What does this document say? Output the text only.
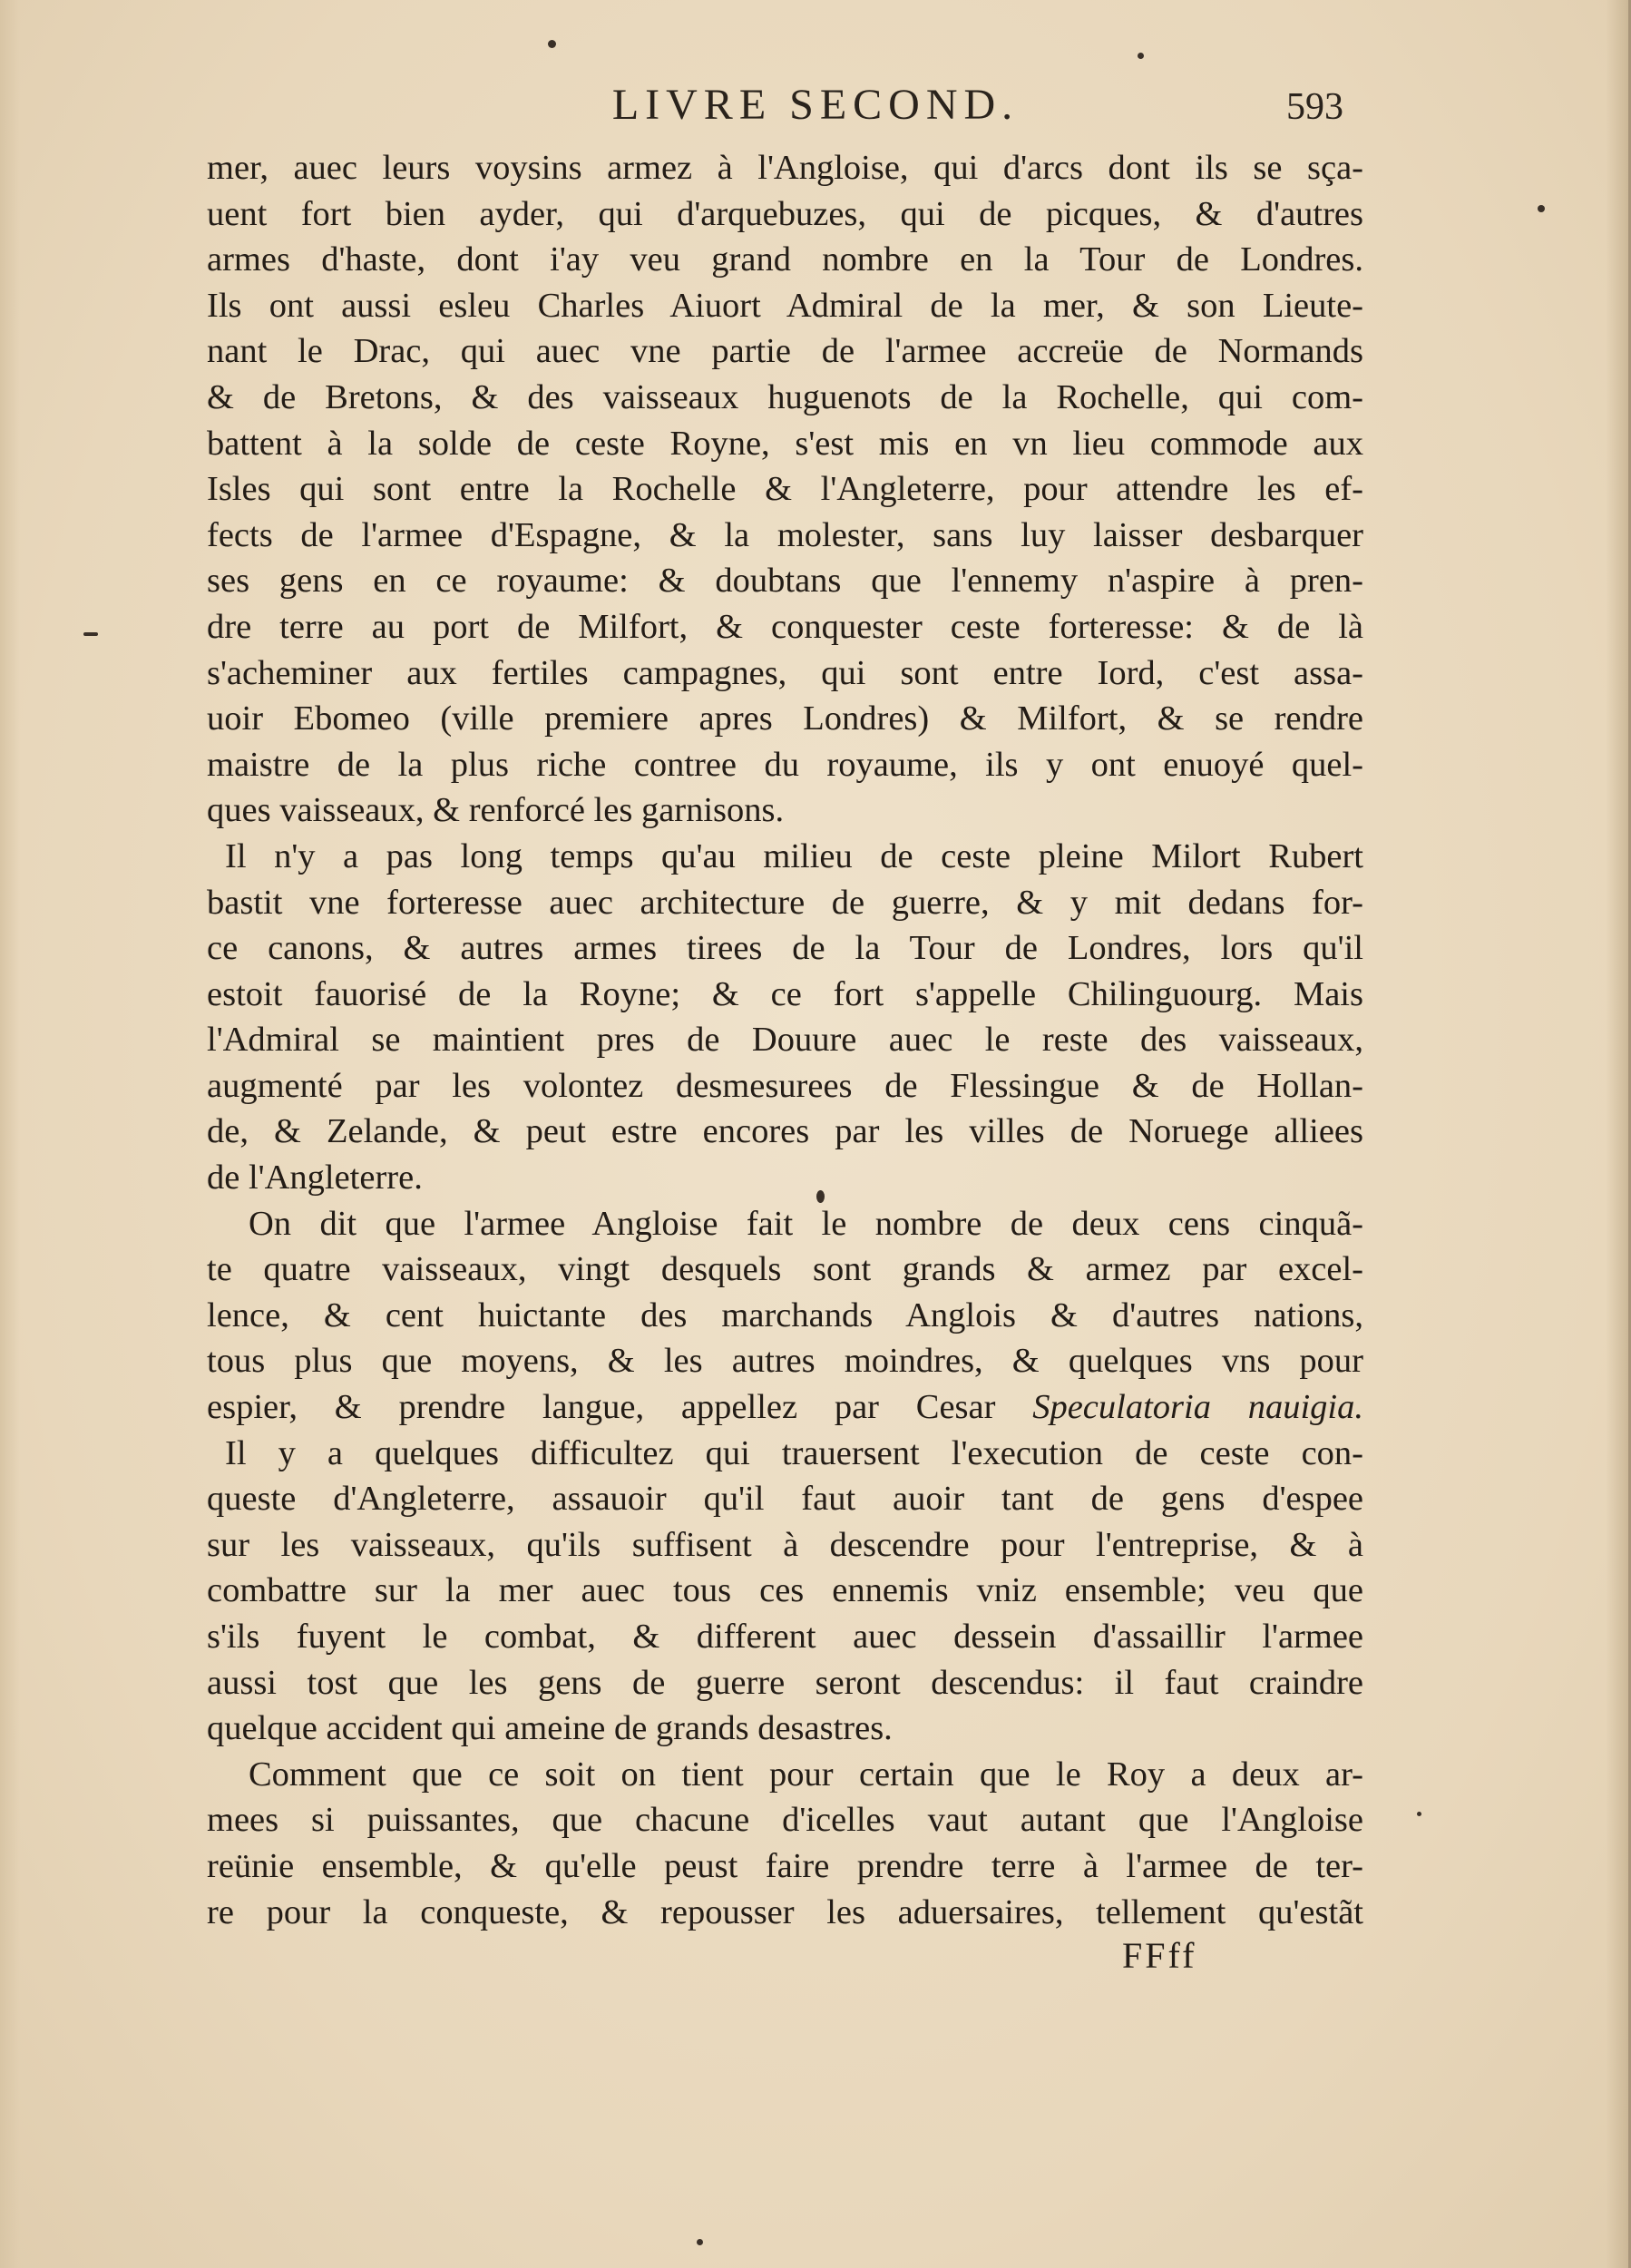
LIVRE SECOND.	593
mer, auec leurs voysins armez à l'Angloise, qui d'arcs dont ils se sça-
uent fort bien ayder, qui d'arquebuzes, qui de picques, & d'autres
armes d'haste, dont i'ay veu grand nombre en la Tour de Londres.
Ils ont aussi esleu Charles Aiuort Admiral de la mer, & son Lieute-
nant le Drac, qui auec vne partie de l'armee accreüe de Normands
& de Bretons, & des vaisseaux huguenots de la Rochelle, qui com-
battent à la solde de ceste Royne, s'est mis en vn lieu commode aux
Isles qui sont entre la Rochelle & l'Angleterre, pour attendre les ef-
fects de l'armee d'Espagne, & la molester, sans luy laisser desbarquer
ses gens en ce royaume: & doubtans que l'ennemy n'aspire à pren-
dre terre au port de Milfort, & conquester ceste forteresse: & de là
s'acheminer aux fertiles campagnes, qui sont entre Iord, c'est assa-
uoir Ebomeo (ville premiere apres Londres) & Milfort, & se rendre
maistre de la plus riche contree du royaume, ils y ont enuoyé quel-
ques vaisseaux, & renforcé les garnisons.
Il n'y a pas long temps qu'au milieu de ceste pleine Milort Rubert
bastit vne forteresse auec architecture de guerre, & y mit dedans for-
ce canons, & autres armes tirees de la Tour de Londres, lors qu'il
estoit fauorisé de la Royne; & ce fort s'appelle Chilinguourg. Mais
l'Admiral se maintient pres de Douure auec le reste des vaisseaux,
augmenté par les volontez desmesurees de Flessingue & de Hollan-
de, & Zelande, & peut estre encores par les villes de Noruege alliees
de l'Angleterre.
On dit que l'armee Angloise fait le nombre de deux cens cinquã-
te quatre vaisseaux, vingt desquels sont grands & armez par excel-
lence, & cent huictante des marchands Anglois & d'autres nations,
tous plus que moyens, & les autres moindres, & quelques vns pour
espier, & prendre langue, appellez par Cesar Speculatoria nauigia.
Il y a quelques difficultez qui trauersent l'execution de ceste con-
queste d'Angleterre, assauoir qu'il faut auoir tant de gens d'espee
sur les vaisseaux, qu'ils suffisent à descendre pour l'entreprise, & à
combattre sur la mer auec tous ces ennemis vniz ensemble; veu que
s'ils fuyent le combat, & different auec dessein d'assaillir l'armee
aussi tost que les gens de guerre seront descendus: il faut craindre
quelque accident qui ameine de grands desastres.
Comment que ce soit on tient pour certain que le Roy a deux ar-
mees si puissantes, que chacune d'icelles vaut autant que l'Angloise
reünie ensemble, & qu'elle peust faire prendre terre à l'armee de ter-
re pour la conqueste, & repousser les aduersaires, tellement qu'estãt
FFff
